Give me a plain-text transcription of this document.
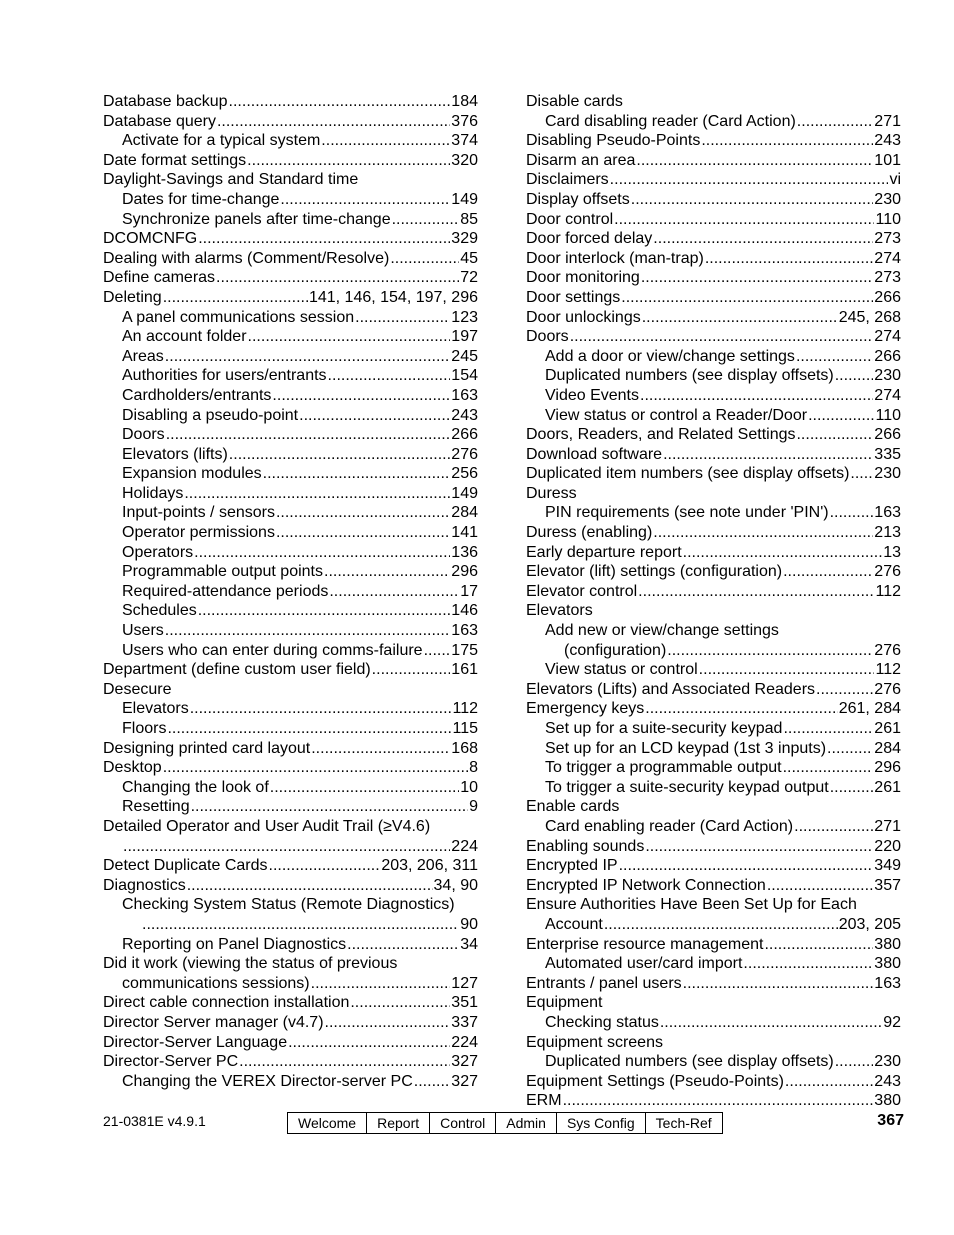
Database backup .....	184
Database query .....	376
Activate for a typical system .....	374
Date format settings .....	320
Daylight-Savings and Standard time
Dates for time-change .....	149
Synchronize panels after time-change .....	85
DCOMCNFG .....	329
Dealing with alarms (Comment/Resolve) .....	45
Define cameras .....	72
Deleting .....	141, 146, 154, 197, 296
A panel communications session .....	123
An account folder .....	197
Areas .....	245
Authorities for users/entrants .....	154
Cardholders/entrants .....	163
Disabling a pseudo-point .....	243
Doors .....	266
Elevators (lifts) .....	276
Expansion modules .....	256
Holidays .....	149
Input-points / sensors .....	284
Operator permissions .....	141
Operators .....	136
Programmable output points .....	296
Required-attendance periods .....	17
Schedules .....	146
Users .....	163
Users who can enter during comms-failure ..... 175
Department (define custom user field) .....	161
Desecure
Elevators .....	112
Floors .....	115
Designing printed card layout .....	168
Desktop .....	8
Changing the look of .....	10
Resetting .....	9
Detailed Operator and User Audit Trail (≥V4.6)
.....
224
Detect Duplicate Cards .....	203, 206, 311
Diagnostics .....	34, 90
Checking System Status (Remote Diagnostics)
.....
90
Reporting on Panel Diagnostics .....	34
Did it work (viewing the status of previous
communications sessions) .....	127
Direct cable connection installation .....	351
Director Server manager (v4.7) .....	337
Director-Server Language .....	224
Director-Server PC .....	327
Changing the VEREX Director-server PC ..... 327
Disable cards
Card disabling reader (Card Action) .....	271
Disabling Pseudo-Points .....	243
Disarm an area .....	101
Disclaimers .....	vi
Display offsets .....	230
Door control .....	110
Door forced delay .....	273
Door interlock (man-trap) .....	274
Door monitoring .....	273
Door settings .....	266
Door unlockings .....	245, 268
Doors .....	274
Add a door or view/change settings .....	266
Duplicated numbers (see display offsets) .....	230
Video Events .....	274
View status or control a Reader/Door .....	110
Doors, Readers, and Related Settings .....	266
Download software .....	335
Duplicated item numbers (see display offsets) ..... 230
Duress
PIN requirements (see note under 'PIN') .....	163
Duress (enabling) .....	213
Early departure report .....	13
Elevator (lift) settings (configuration) .....	276
Elevator control .....	112
Elevators
Add new or view/change settings
(configuration) .....	276
View status or control .....	112
Elevators (Lifts) and Associated Readers .....	276
Emergency keys .....	261, 284
Set up for a suite-security keypad .....	261
Set up for an LCD keypad (1st 3 inputs) .....	284
To trigger a programmable output .....	296
To trigger a suite-security keypad output .....	261
Enable cards
Card enabling reader (Card Action) .....	271
Enabling sounds .....	220
Encrypted IP .....	349
Encrypted IP Network Connection .....	357
Ensure Authorities Have Been Set Up for Each
Account .....	203, 205
Enterprise resource management .....	380
Automated user/card import .....	380
Entrants / panel users .....	163
Equipment
Checking status .....	92
Equipment screens
Duplicated numbers (see display offsets) .....	230
Equipment Settings (Pseudo-Points) .....	243
ERM .....	380
21-0381E v4.9.1	Welcome	Report	Control	Admin	Sys Config	Tech-Ref	367
